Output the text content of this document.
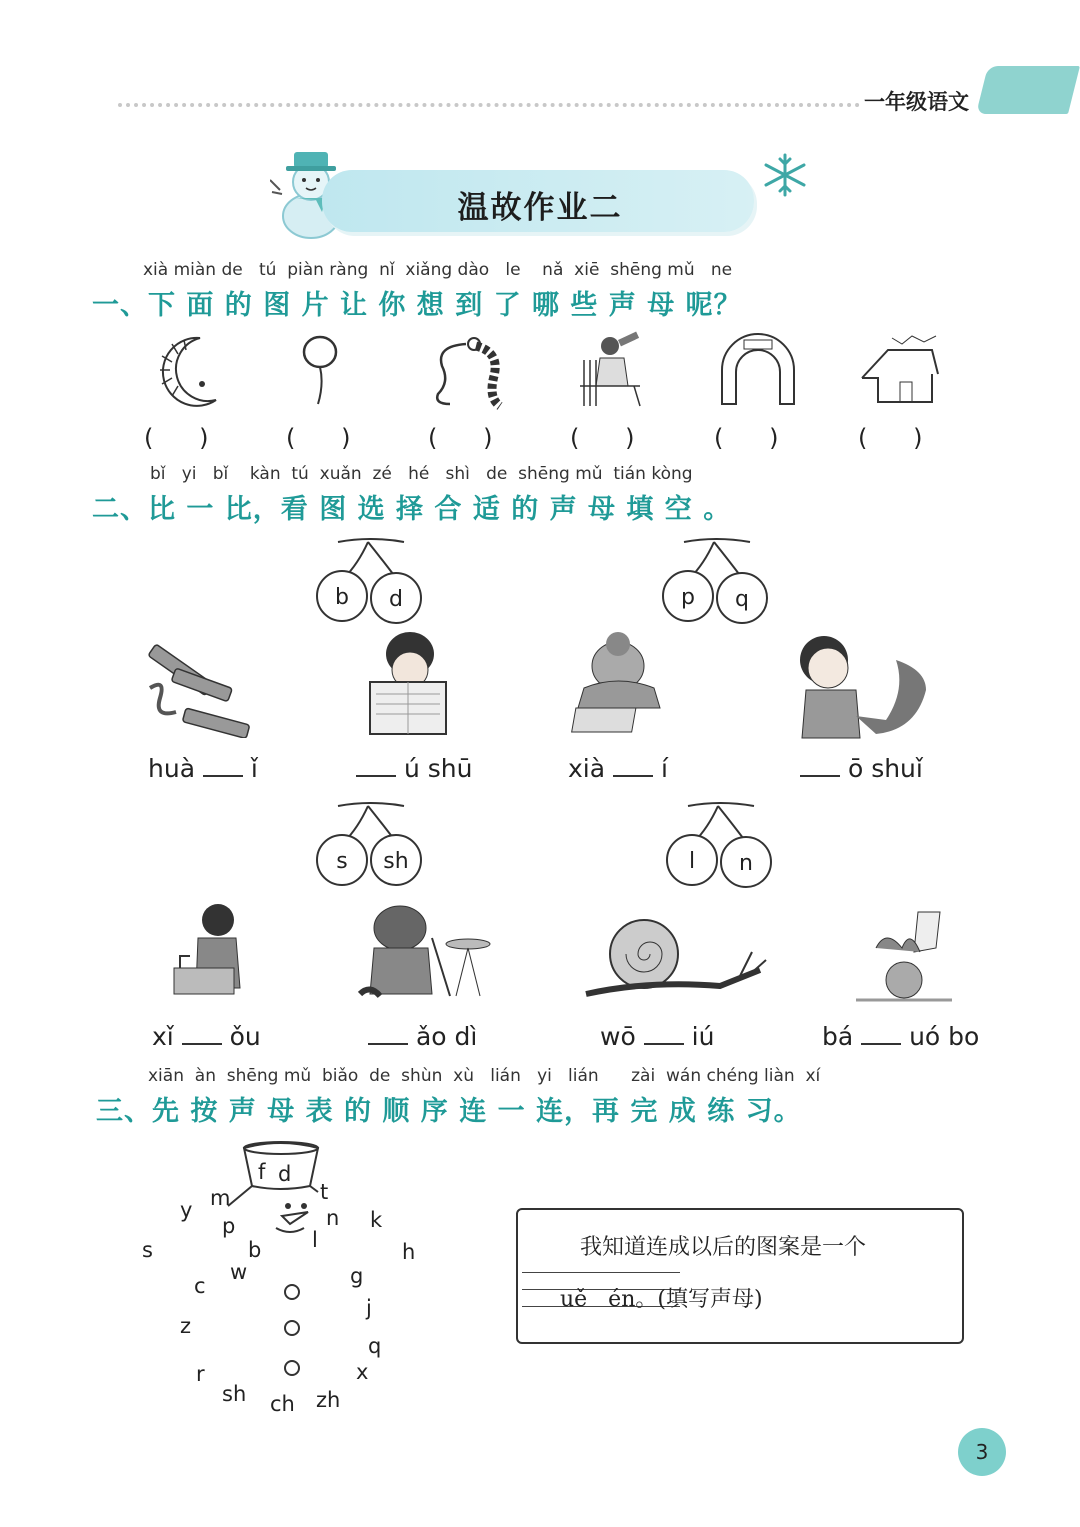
一年级语文
温故作业二
xià miàn de   tú  piàn ràng  nǐ  xiǎng dào   le    nǎ  xiē  shēng mǔ   ne
一、下 面 的 图 片 让 你 想 到 了 哪 些 声 母 呢？
(      )	(      )	(      )	(      )	(      )	(      )
bǐ   yi   bǐ    kàn  tú  xuǎn  zé   hé   shì   de  shēng mǔ  tián kòng
二、比 一 比，看 图 选 择 合 适 的 声 母 填 空 。
b d	p q
huà  ǐ	ú shū	xià  í	ō shuǐ
s sh	l n
xǐ  ǒu	ǎo dì	wō  iú	bá  uó bo
xiān  àn  shēng mǔ  biǎo  de  shùn  xù   lián   yi   lián      zài  wán chéng liàn  xí
三、先 按 声 母 表 的 顺 序 连 一 连，再 完 成 练 习。
f d
t
m
y
p	n k
s	b l	h
c
w	g
j
z
q
r	x
sh ch zh
我知道连成以后的图案是一个
uě   én。(填写声母)
3
